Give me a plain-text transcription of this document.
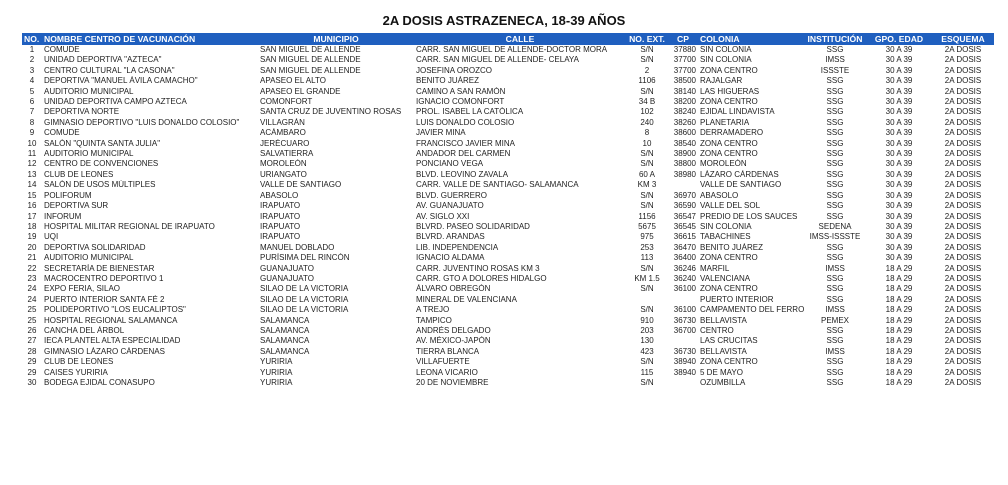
2A DOSIS ASTRAZENECA, 18-39 AÑOS
NO.	NOMBRE CENTRO DE VACUNACIÓN	MUNICIPIO	CALLE	NO. EXT.	CP	COLONIA	INSTITUCIÓN	GPO. EDAD	ESQUEMA
1	COMUDE	SAN MIGUEL DE ALLENDE	CARR. SAN MIGUEL DE ALLENDE-DOCTOR MORA	S/N	37880	SIN COLONIA	SSG	30 A 39	2A DOSIS
2	UNIDAD DEPORTIVA "AZTECA"	SAN MIGUEL DE ALLENDE	CARR. SAN MIGUEL DE ALLENDE- CELAYA	S/N	37700	SIN COLONIA	IMSS	30 A 39	2A DOSIS
3	CENTRO CULTURAL "LA CASONA"	SAN MIGUEL DE ALLENDE	JOSEFINA OROZCO	2	37700	ZONA CENTRO	ISSSTE	30 A 39	2A DOSIS
4	DEPORTIVA "MANUEL ÁVILA CAMACHO"	APASEO EL ALTO	BENITO JUÁREZ	1106	38500	RAJALGAR	SSG	30 A 39	2A DOSIS
5	AUDITORIO MUNICIPAL	APASEO EL GRANDE	CAMINO A SAN RAMÓN	S/N	38140	LAS HIGUERAS	SSG	30 A 39	2A DOSIS
6	UNIDAD DEPORTIVA CAMPO AZTECA	COMONFORT	IGNACIO COMONFORT	34 B	38200	ZONA CENTRO	SSG	30 A 39	2A DOSIS
7	DEPORTIVA NORTE	SANTA CRUZ DE JUVENTINO ROSAS	PROL. ISABEL LA CATÓLICA	102	38240	EJIDAL LINDAVISTA	SSG	30 A 39	2A DOSIS
8	GIMNASIO DEPORTIVO "LUIS DONALDO COLOSIO"	VILLAGRÁN	LUIS DONALDO COLOSIO	240	38260	PLANETARIA	SSG	30 A 39	2A DOSIS
9	COMUDE	ACÁMBARO	JAVIER MINA	8	38600	DERRAMADERO	SSG	30 A 39	2A DOSIS
10	SALÓN "QUINTA SANTA JULIA"	JERÉCUARO	FRANCISCO JAVIER MINA	10	38540	ZONA CENTRO	SSG	30 A 39	2A DOSIS
11	AUDITORIO MUNICIPAL	SALVATIERRA	ANDADOR DEL CARMEN	S/N	38900	ZONA CENTRO	SSG	30 A 39	2A DOSIS
12	CENTRO DE CONVENCIONES	MOROLEÓN	PONCIANO VEGA	S/N	38800	MOROLEÓN	SSG	30 A 39	2A DOSIS
13	CLUB DE LEONES	URIANGATO	BLVD. LEOVINO ZAVALA	60 A	38980	LÁZARO CÁRDENAS	SSG	30 A 39	2A DOSIS
14	SALÓN DE USOS MÚLTIPLES	VALLE DE SANTIAGO	CARR. VALLE DE SANTIAGO- SALAMANCA	KM 3		VALLE DE SANTIAGO	SSG	30 A 39	2A DOSIS
15	POLIFORUM	ABASOLO	BLVD. GUERRERO	S/N	36970	ABASOLO	SSG	30 A 39	2A DOSIS
16	DEPORTIVA SUR	IRAPUATO	AV. GUANAJUATO	S/N	36590	VALLE DEL SOL	SSG	30 A 39	2A DOSIS
17	INFORUM	IRAPUATO	AV. SIGLO XXI	1156	36547	PREDIO DE LOS SAUCES	SSG	30 A 39	2A DOSIS
18	HOSPITAL MILITAR REGIONAL DE IRAPUATO	IRAPUATO	BLVRD. PASEO SOLIDARIDAD	5675	36545	SIN COLONIA	SEDENA	30 A 39	2A DOSIS
19	UQI	IRAPUATO	BLVRD. ARANDAS	975	36615	TABACHINES	IMSS-ISSSTE	30 A 39	2A DOSIS
20	DEPORTIVA SOLIDARIDAD	MANUEL DOBLADO	LIB. INDEPENDENCIA	253	36470	BENITO JUÁREZ	SSG	30 A 39	2A DOSIS
21	AUDITORIO MUNICIPAL	PURÍSIMA DEL RINCÓN	IGNACIO ALDAMA	113	36400	ZONA CENTRO	SSG	30 A 39	2A DOSIS
22	SECRETARÍA DE BIENESTAR	GUANAJUATO	CARR. JUVENTINO ROSAS KM 3	S/N	36246	MARFIL	IMSS	18 A 29	2A DOSIS
23	MACROCENTRO DEPORTIVO 1	GUANAJUATO	CARR. GTO A DOLORES HIDALGO	KM 1.5	36240	VALENCIANA	SSG	18 A 29	2A DOSIS
24	EXPO FERIA, SILAO	SILAO DE LA VICTORIA	ÁLVARO OBREGÓN	S/N	36100	ZONA CENTRO	SSG	18 A 29	2A DOSIS
24	PUERTO INTERIOR SANTA FÉ 2	SILAO DE LA VICTORIA	MINERAL DE VALENCIANA			PUERTO INTERIOR	SSG	18 A 29	2A DOSIS
25	POLIDEPORTIVO "LOS EUCALIPTOS"	SILAO DE LA VICTORIA	A TREJO	S/N	36100	CAMPAMENTO DEL FERRO	IMSS	18 A 29	2A DOSIS
25	HOSPITAL REGIONAL SALAMANCA	SALAMANCA	TAMPICO	910	36730	BELLAVISTA	PEMEX	18 A 29	2A DOSIS
26	CANCHA DEL ÁRBOL	SALAMANCA	ANDRÉS DELGADO	203	36700	CENTRO	SSG	18 A 29	2A DOSIS
27	IECA PLANTEL ALTA ESPECIALIDAD	SALAMANCA	AV. MÉXICO-JAPÓN	130		LAS CRUCITAS	SSG	18 A 29	2A DOSIS
28	GIMNASIO LÁZARO CÁRDENAS	SALAMANCA	TIERRA BLANCA	423	36730	BELLAVISTA	IMSS	18 A 29	2A DOSIS
29	CLUB DE LEONES	YURIRIA	VILLAFUERTE	S/N	38940	ZONA CENTRO	SSG	18 A 29	2A DOSIS
29	CAISES YURIRIA	YURIRIA	LEONA VICARIO	115	38940	5 DE MAYO	SSG	18 A 29	2A DOSIS
30	BODEGA EJIDAL CONASUPO	YURIRIA	20 DE NOVIEMBRE	S/N		OZUMBILLA	SSG	18 A 29	2A DOSIS
